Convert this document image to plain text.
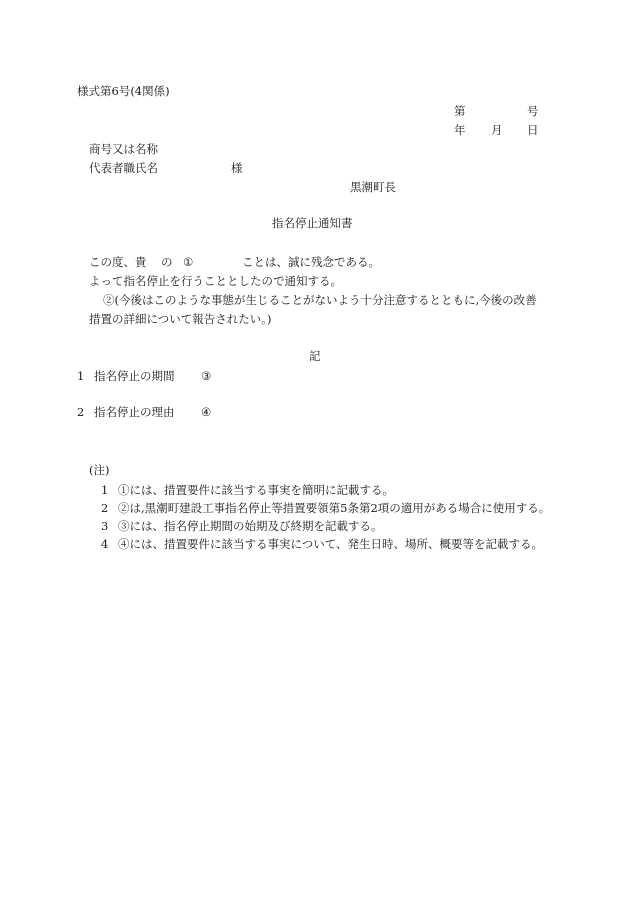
様式第6号(4関係)
第	号
年 月 日
商号又は名称
代表者職氏名	様
黒潮町長
指名停止通知書
この度、貴 の ①	ことは、誠に残念である。
よって指名停止を行うこととしたので通知する。
②(今後はこのような事態が生じることがないよう十分注意するとともに,今後の改善
措置の詳細について報告されたい。)
記
1 指名停止の期間 ③
2 指名停止の理由 ④
(注)
1 ①には、措置要件に該当する事実を簡明に記載する。
2 ②は,黒潮町建設工事指名停止等措置要領第5条第2項の適用がある場合に使用する。
3 ③には、指名停止期間の始期及び終期を記載する。
4 ④には、措置要件に該当する事実について、発生日時、場所、概要等を記載する。
